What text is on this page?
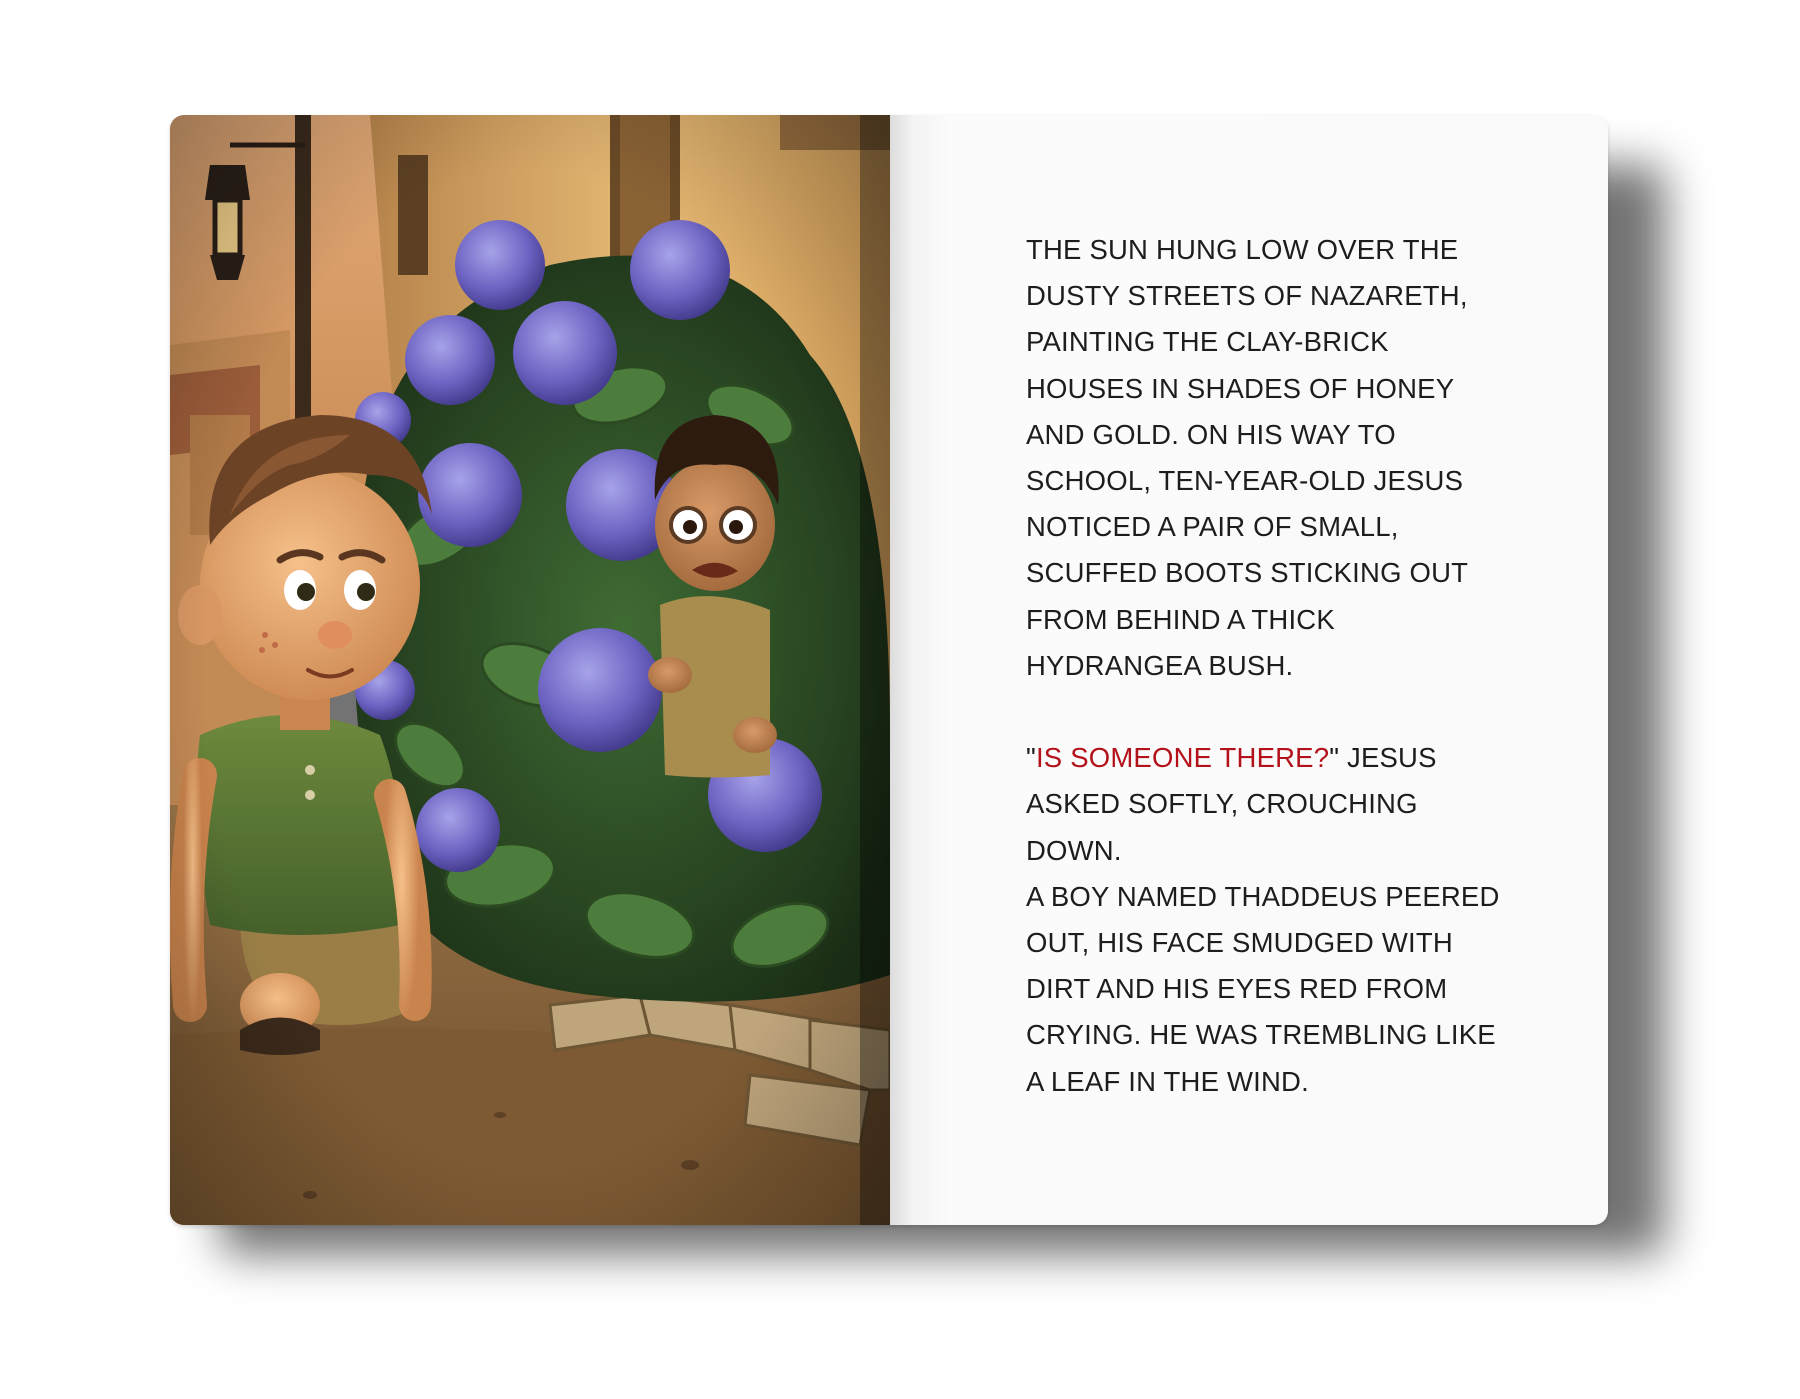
THE SUN HUNG LOW OVER THE
DUSTY STREETS OF NAZARETH,
PAINTING THE CLAY-BRICK
HOUSES IN SHADES OF HONEY
AND GOLD. ON HIS WAY TO
SCHOOL, TEN-YEAR-OLD JESUS
NOTICED A PAIR OF SMALL,
SCUFFED BOOTS STICKING OUT
FROM BEHIND A THICK
HYDRANGEA BUSH.

"IS SOMEONE THERE?" JESUS
ASKED SOFTLY, CROUCHING
DOWN.

A BOY NAMED THADDEUS PEERED
OUT, HIS FACE SMUDGED WITH
DIRT AND HIS EYES RED FROM
CRYING. HE WAS TREMBLING LIKE
A LEAF IN THE WIND.
